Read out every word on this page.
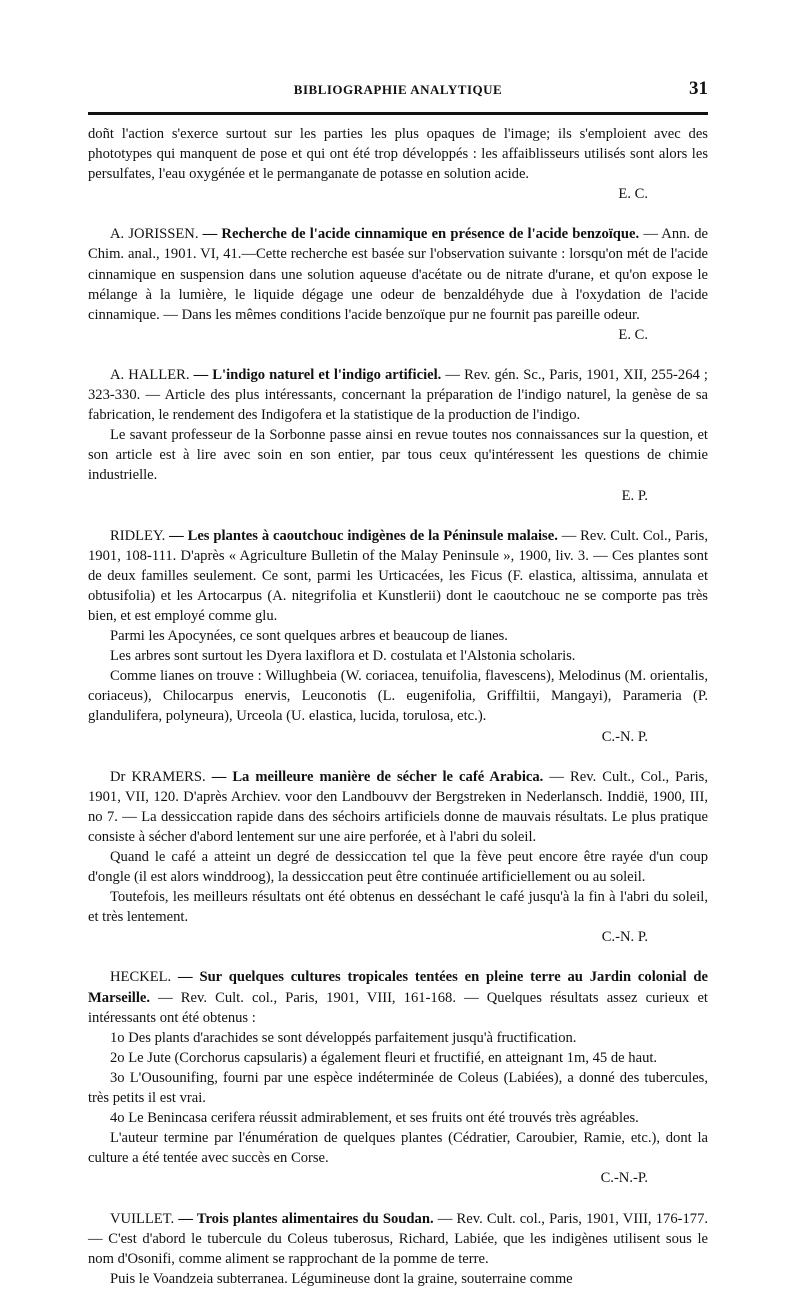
BIBLIOGRAPHIE ANALYTIQUE	31

doñt l'action s'exerce surtout sur les parties les plus opaques de l'image; ils s'emploient avec des phototypes qui manquent de pose et qui ont été trop développés : les affaiblisseurs utilisés sont alors les persulfates, l'eau oxygénée et le permanganate de potasse en solution acide.

E. C.

A. JORISSEN. — Recherche de l'acide cinnamique en présence de l'acide benzoïque. — Ann. de Chim. anal., 1901. VI, 41.—Cette recherche est basée sur l'observation suivante : lorsqu'on mét de l'acide cinnamique en suspension dans une solution aqueuse d'acétate ou de nitrate d'urane, et qu'on expose le mélange à la lumière, le liquide dégage une odeur de benzaldéhyde due à l'oxydation de l'acide cinnamique. — Dans les mêmes conditions l'acide benzoïque pur ne fournit pas pareille odeur.

E. C.

A. HALLER. — L'indigo naturel et l'indigo artificiel. — Rev. gén. Sc., Paris, 1901, XII, 255-264 ; 323-330. — Article des plus intéressants, concernant la préparation de l'indigo naturel, la genèse de sa fabrication, le rendement des Indigofera et la statistique de la production de l'indigo.

Le savant professeur de la Sorbonne passe ainsi en revue toutes nos connaissances sur la question, et son article est à lire avec soin en son entier, par tous ceux qu'intéressent les questions de chimie industrielle.

E. P.

RIDLEY. — Les plantes à caoutchouc indigènes de la Péninsule malaise. — Rev. Cult. Col., Paris, 1901, 108-111. D'après « Agriculture Bulletin of the Malay Peninsule », 1900, liv. 3. — Ces plantes sont de deux familles seulement. Ce sont, parmi les Urticacées, les Ficus (F. elastica, altissima, annulata et obtusifolia) et les Artocarpus (A. nitegrifolia et Kunstlerii) dont le caoutchouc ne se comporte pas très bien, et est employé comme glu.

Parmi les Apocynées, ce sont quelques arbres et beaucoup de lianes.

Les arbres sont surtout les Dyera laxiflora et D. costulata et l'Alstonia scholaris.

Comme lianes on trouve : Willughbeia (W. coriacea, tenuifolia, flavescens), Melodinus (M. orientalis, coriaceus), Chilocarpus enervis, Leuconotis (L. eugenifolia, Griffiltii, Mangayi), Parameria (P. glandulifera, polyneura), Urceola (U. elastica, lucida, torulosa, etc.).

C.-N. P.

Dr KRAMERS. — La meilleure manière de sécher le café Arabica. — Rev. Cult., Col., Paris, 1901, VII, 120. D'après Archiev. voor den Landbouvv der Bergstreken in Nederlansch. Inddië, 1900, III, no 7. — La dessiccation rapide dans des séchoirs artificiels donne de mauvais résultats. Le plus pratique consiste à sécher d'abord lentement sur une aire perforée, et à l'abri du soleil.

Quand le café a atteint un degré de dessiccation tel que la fève peut encore être rayée d'un coup d'ongle (il est alors winddroog), la dessiccation peut être continuée artificiellement ou au soleil.

Toutefois, les meilleurs résultats ont été obtenus en desséchant le café jusqu'à la fin à l'abri du soleil, et très lentement.

C.-N. P.

HECKEL. — Sur quelques cultures tropicales tentées en pleine terre au Jardin colonial de Marseille. — Rev. Cult. col., Paris, 1901, VIII, 161-168. — Quelques résultats assez curieux et intéressants ont été obtenus :

1o Des plants d'arachides se sont développés parfaitement jusqu'à fructification.

2o Le Jute (Corchorus capsularis) a également fleuri et fructifié, en atteignant 1m, 45 de haut.

3o L'Ousounifing, fourni par une espèce indéterminée de Coleus (Labiées), a donné des tubercules, très petits il est vrai.

4o Le Benincasa cerifera réussit admirablement, et ses fruits ont été trouvés très agréables.

L'auteur termine par l'énumération de quelques plantes (Cédratier, Caroubier, Ramie, etc.), dont la culture a été tentée avec succès en Corse.

C.-N.-P.

VUILLET. — Trois plantes alimentaires du Soudan. — Rev. Cult. col., Paris, 1901, VIII, 176-177. — C'est d'abord le tubercule du Coleus tuberosus, Richard, Labiée, que les indigènes utilisent sous le nom d'Osonifi, comme aliment se rapprochant de la pomme de terre.

Puis le Voandzeia subterranea. Légumineuse dont la graine, souterraine comme
